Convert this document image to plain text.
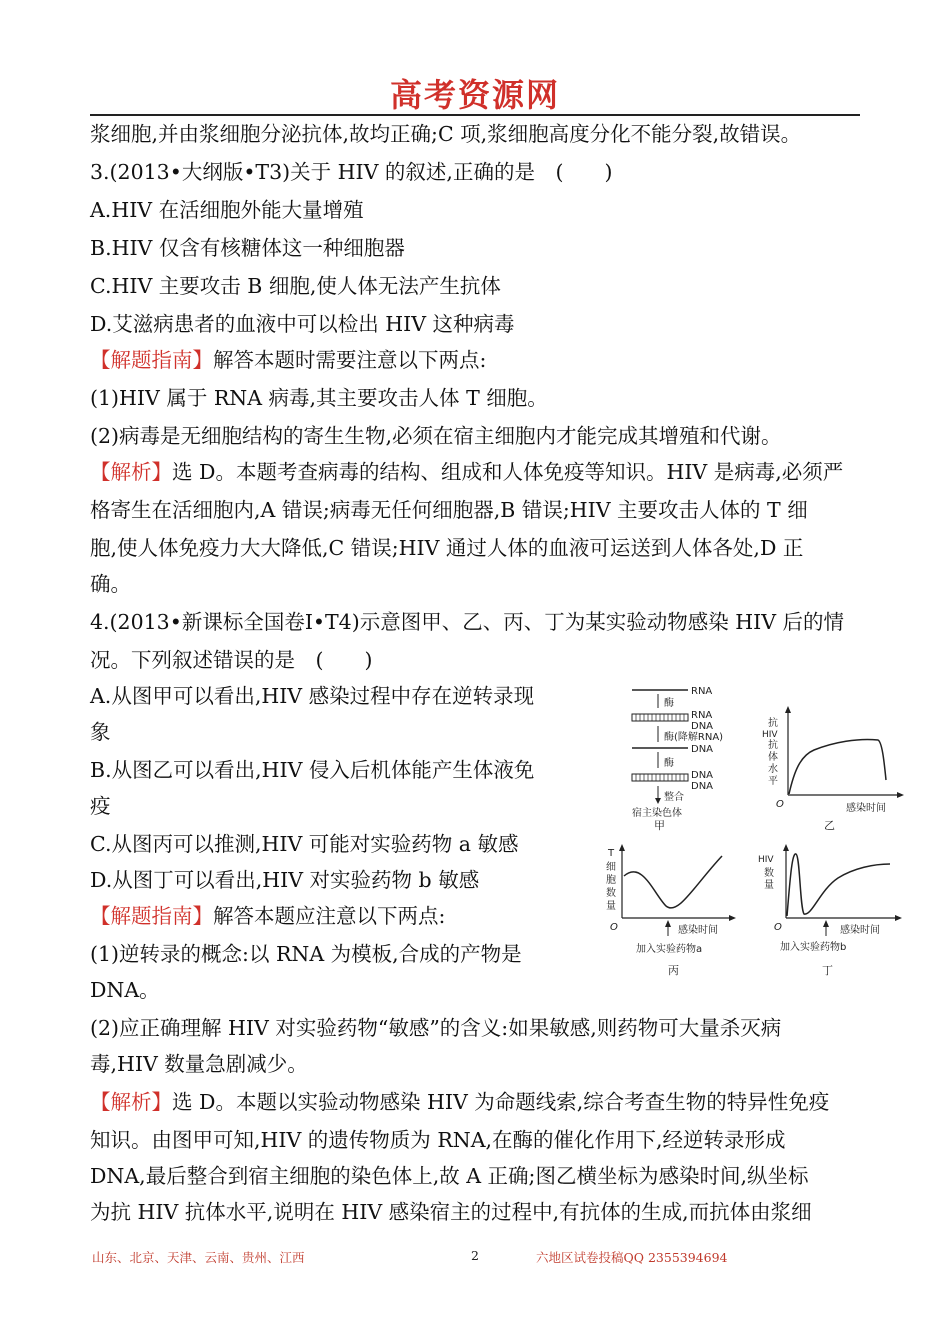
高考资源网
浆细胞,并由浆细胞分泌抗体,故均正确;C 项,浆细胞高度分化不能分裂,故错误。
3.(2013•大纲版•T3)关于 HIV 的叙述,正确的是　(　　)
A.HIV 在活细胞外能大量增殖
B.HIV 仅含有核糖体这一种细胞器
C.HIV 主要攻击 B 细胞,使人体无法产生抗体
D.艾滋病患者的血液中可以检出 HIV 这种病毒
【解题指南】解答本题时需要注意以下两点:
(1)HIV 属于 RNA 病毒,其主要攻击人体 T 细胞。
(2)病毒是无细胞结构的寄生生物,必须在宿主细胞内才能完成其增殖和代谢。
【解析】选 D。本题考查病毒的结构、组成和人体免疫等知识。HIV 是病毒,必须严
格寄生在活细胞内,A 错误;病毒无任何细胞器,B 错误;HIV 主要攻击人体的 T 细
胞,使人体免疫力大大降低,C 错误;HIV 通过人体的血液可运送到人体各处,D 正
确。
4.(2013•新课标全国卷Ⅰ•T4)示意图甲、乙、丙、丁为某实验动物感染 HIV 后的情
况。下列叙述错误的是　(　　)
A.从图甲可以看出,HIV 感染过程中存在逆转录现
象
B.从图乙可以看出,HIV 侵入后机体能产生体液免
疫
C.从图丙可以推测,HIV 可能对实验药物 a 敏感
D.从图丁可以看出,HIV 对实验药物 b 敏感
【解题指南】解答本题应注意以下两点:
(1)逆转录的概念:以 RNA 为模板,合成的产物是
DNA。
(2)应正确理解 HIV 对实验药物“敏感”的含义:如果敏感,则药物可大量杀灭病
毒,HIV 数量急剧减少。
【解析】选 D。本题以实验动物感染 HIV 为命题线索,综合考查生物的特异性免疫
知识。由图甲可知,HIV 的遗传物质为 RNA,在酶的催化作用下,经逆转录形成
DNA,最后整合到宿主细胞的染色体上,故 A 正确;图乙横坐标为感染时间,纵坐标
为抗 HIV 抗体水平,说明在 HIV 感染宿主的过程中,有抗体的生成,而抗体由浆细
RNA
酶
RNA
DNA
酶(降解RNA)
DNA
酶
DNA
DNA
整合
宿主染色体
甲
抗
HIV
抗
体
水
平
O	感染时间
乙
T
细
胞
数
量
O	感染时间
加入实验药物a
丙
HIV
数
量
O	感染时间
加入实验药物b
丁
山东、北京、天津、云南、贵州、江西	2	六地区试卷投稿QQ 2355394694
